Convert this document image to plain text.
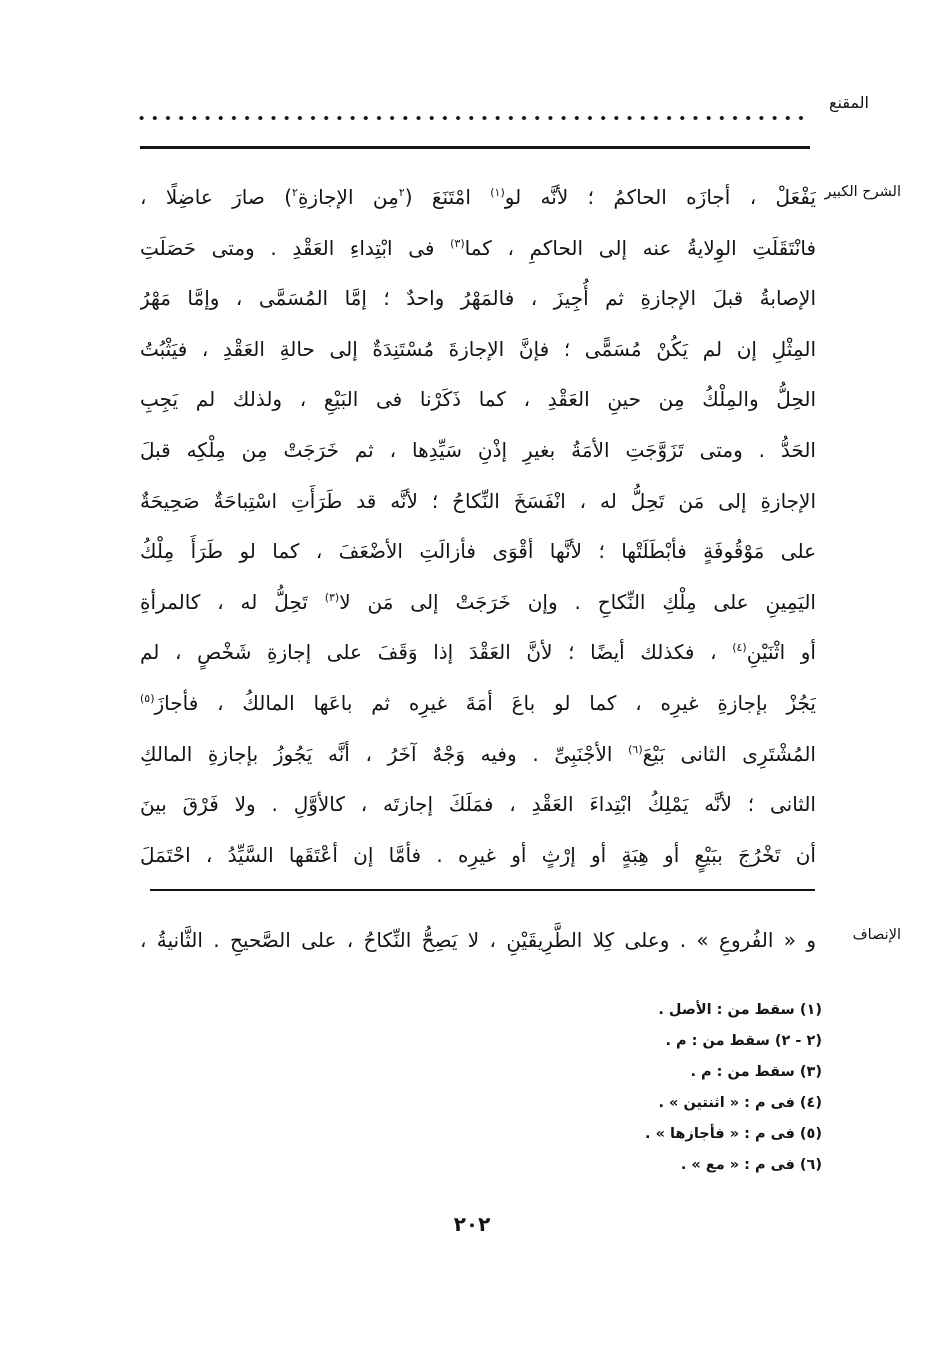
المقنع
الشرح الكبير
يَفْعَلْ ، أجازَه الحاكمُ ؛ لأنَّه لو$^{(١)}$ امْتَنَعَ ($^٢$مِن الإجازةِ$^٢$) صارَ عاضِلًا ،
فانْتَقَلَتِ الوِلايةُ عنه إلى الحاكمِ ، كما$^{(٣)}$ فى ابْتِداءِ العَقْدِ . ومتى حَصَلَتِ
الإصابةُ قبلَ الإجازةِ ثم أُجِيزَ ، فالمَهْرُ واحدٌ ؛ إمَّا المُسَمَّى ، وإمَّا مَهْرُ
المِثْلِ إن لم يَكُنْ مُسَمًّى ؛ فإنَّ الإجازةَ مُسْتَنِدَةٌ إلى حالةِ العَقْدِ ، فيَثْبُتُ
الحِلُّ والمِلْكُ مِن حينِ العَقْدِ ، كما ذَكَرْنا فى البَيْعِ ، ولذلك لم يَجِبِ
الحَدُّ . ومتى تَزَوَّجَتِ الأمَةُ بغيرِ إذْنِ سَيِّدِها ، ثم خَرَجَتْ مِن مِلْكِه قبلَ
الإجازةِ إلى مَن تَحِلُّ له ، انْفَسَخَ النِّكاحُ ؛ لأنَّه قد طَرَأَتِ اسْتِباحَةٌ صَحِيحَةٌ
على مَوْقُوفَةٍ فأبْطَلَتْها ؛ لأنَّها أقْوَى فأزالَتِ الأضْعَفَ ، كما لو طَرَأَ مِلْكُ
اليَمِينِ على مِلْكِ النِّكاحِ . وإن خَرَجَتْ إلى مَن لا$^{(٣)}$ تَحِلُّ له ، كالمرأةِ
أو اثْنَيْنِ$^{(٤)}$ ، فكذلك أيضًا ؛ لأنَّ العَقْدَ إذا وَقَفَ على إجازةِ شَخْصٍ ، لم
يَجُزْ بإجازةِ غيرِه ، كما لو باعَ أمَةَ غيرِه ثم باعَها المالكُ ، فأجازَ$^{(٥)}$
المُشْتَرِى الثانى بَيْعَ$^{(٦)}$ الأجْنَبِىِّ . وفيه وَجْهٌ آخَرُ ، أنَّه يَجُوزُ بإجازةِ المالكِ
الثانى ؛ لأنَّه يَمْلِكُ ابْتِداءَ العَقْدِ ، فمَلَكَ إجازتَه ، كالأوَّلِ . ولا فَرْقَ بينَ
أن تَخْرُجَ ببَيْعٍ أو هِبَةٍ أو إرْثٍ أو غيرِه . فأمَّا إن أعْتَقَها السَّيِّدُ ، احْتَمَلَ
الإنصاف
و « الفُروعِ » . وعلى كِلا الطَّرِيقَيْنِ ، لا يَصِحُّ النِّكاحُ ، على الصَّحيحِ . الثَّانيةُ ،
(١) سقط من : الأصل .
(٢ - ٢) سقط من : م .
(٣) سقط من : م .
(٤) فى م : « اثنتين » .
(٥) فى م : « فأجازها » .
(٦) فى م : « مع » .
٢٠٢
